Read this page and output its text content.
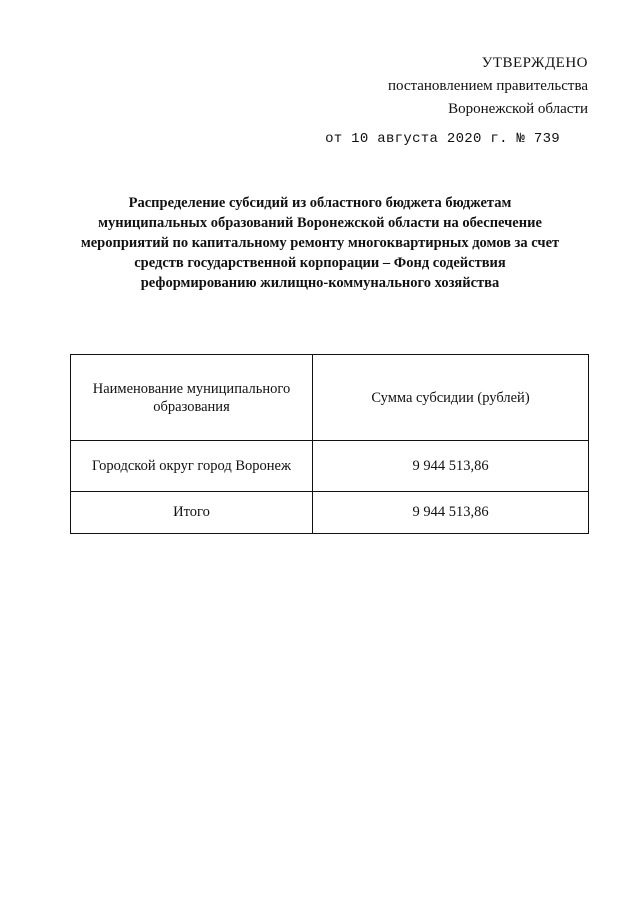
УТВЕРЖДЕНО
постановлением правительства
Воронежской области
от 10 августа 2020 г. № 739
Распределение субсидий из областного бюджета бюджетам
муниципальных образований Воронежской области на обеспечение
мероприятий по капитальному ремонту многоквартирных домов за счет
средств государственной корпорации – Фонд содействия
реформированию жилищно-коммунального хозяйства
Наименование муниципального образования	Сумма субсидии (рублей)
Городской округ город Воронеж	9 944 513,86
Итого	9 944 513,86
